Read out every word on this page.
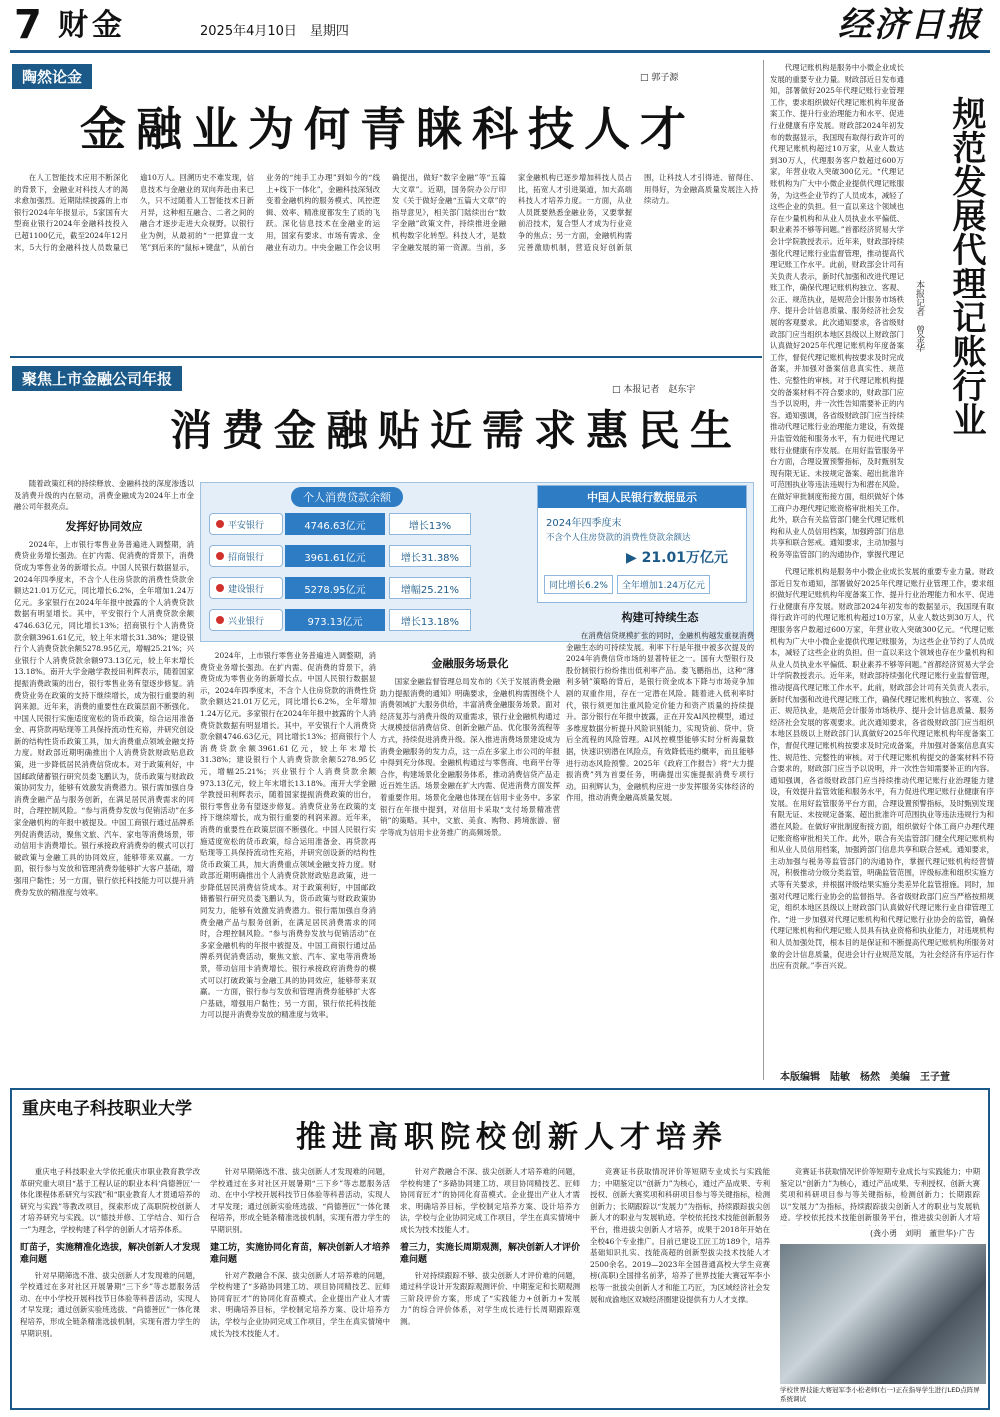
7 财金	2025年4月10日　星期四	经济日报
陶然论金	□ 郭子源
金融业为何青睐科技人才

在人工智能技术应用不断深化的背景下，金融业对科技人才的渴求愈加强烈。近期陆续披露的上市银行2024年年报显示，5家国有大型商业银行2024年金融科技投入已超1100亿元，截至2024年12月末，5大行的金融科技人员数量已逾10万人。回溯历史不难发现，信息技术与金融业的双向奔赴由来已久，只不过随着人工智能技术日新月异，这种相互融合、二者之间的融合才逐步走进大众视野。以银行业为例，从最初的“一把算盘一支笔”到后来的“鼠标+键盘”，从前台业务的“纯手工办理”到如今的“线上+线下一体化”，金融科技深刻改变着金融机构的服务模式、风控逻辑、效率、精准度都发生了质的飞跃。深化信息技术在金融业的运用，国家有要求、市场有需求、金融业有动力。中央金融工作会议明确提出，做好“数字金融”等“五篇大文章”。近期，国务院办公厅印发《关于做好金融“五篇大文章”的指导意见》，相关部门陆续出台“数字金融”政策文件，持续推进金融机构数字化转型。科技人才，是数字金融发展的第一资源。当前，多家金融机构已逐步增加科技人员占比，拓宽人才引进渠道，加大高端科技人才培养力度。一方面，从业人员既要熟悉金融业务，又要掌握前沿技术，复合型人才成为行业竞争的焦点；另一方面，金融机构需完善激励机制，营造良好创新氛围，让科技人才引得进、留得住、用得好，为金融高质量发展注入持续动力。

聚焦上市金融公司年报
□ 本报记者　赵东宇
消费金融贴近需求惠民生

随着政策红利的持续释放、金融科技的深度渗透以及消费升级的内在驱动，消费金融成为2024年上市金融公司年报亮点。

发挥好协同效应

2024年，上市银行零售业务普遍进入调整期，消费贷业务增长强劲。在扩内需、促消费的背景下，消费贷成为零售业务的新增长点。中国人民银行数据显示，2024年四季度末，不含个人住房贷款的消费性贷款余额达21.01万亿元，同比增长6.2%，全年增加1.24万亿元。多家银行在2024年年报中披露的个人消费贷款数据有明显增长。其中，平安银行个人消费贷款余额4746.63亿元，同比增长13%；招商银行个人消费贷款余额3961.61亿元，较上年末增长31.38%；建设银行个人消费贷款余额5278.95亿元，增幅25.21%；兴业银行个人消费贷款余额973.13亿元，较上年末增长13.18%。南开大学金融学教授田利辉表示，随着国家提振消费政策的出台，银行零售业务有望逐步修复。消费贷业务在政策的支持下继续增长，成为银行重要的利润来源。近年来，消费的重要性在政策层面不断强化。中国人民银行实施适度宽松的货币政策，综合运用准备金、再贷款再贴现等工具保持流动性充裕，并研究创设新的结构性货币政策工具，加大消费重点领域金融支持力度。财政部近期明确推出个人消费贷款财政贴息政策，进一步降低居民消费信贷成本。对于政策利好，中国邮政储蓄银行研究员娄飞鹏认为，货币政策与财政政策协同发力，能够有效激发消费潜力。银行需加强自身消费金融产品与服务创新，在满足居民消费需求的同时，合理控制风险。“参与消费券发放与促销活动”在多家金融机构的年报中被提及。中国工商银行通过品牌系列促消费活动，聚焦文旅、汽车、家电等消费场景，带动信用卡消费增长。银行承接政府消费券的模式可以打破政策与金融工具的协同效应，能够带来双赢。一方面，银行参与发放和管理消费券能够扩大客户基础，增强用户黏性；另一方面，银行依托科技能力可以提升消费券发放的精准度与效率。

个人消费贷款余额
平安银行	4746.63亿元	增长13%
招商银行	3961.61亿元	增长31.38%
建设银行	5278.95亿元	增幅25.21%
兴业银行	973.13亿元	增长13.18%
中国人民银行数据显示
2024年四季度末
不含个人住房贷款的消费性贷款余额达
▶ 21.01万亿元
同比增长6.2%	全年增加1.24万亿元

2024年，上市银行零售业务普遍进入调整期，消费贷业务增长强劲。在扩内需、促消费的背景下，消费贷成为零售业务的新增长点。中国人民银行数据显示，2024年四季度末，不含个人住房贷款的消费性贷款余额达21.01万亿元，同比增长6.2%，全年增加1.24万亿元。多家银行在2024年年报中披露的个人消费贷款数据有明显增长。其中，平安银行个人消费贷款余额4746.63亿元，同比增长13%；招商银行个人消费贷款余额3961.61亿元，较上年末增长31.38%；建设银行个人消费贷款余额5278.95亿元，增幅25.21%；兴业银行个人消费贷款余额973.13亿元，较上年末增长13.18%。南开大学金融学教授田利辉表示，随着国家提振消费政策的出台，银行零售业务有望逐步修复。消费贷业务在政策的支持下继续增长，成为银行重要的利润来源。近年来，消费的重要性在政策层面不断强化。中国人民银行实施适度宽松的货币政策，综合运用准备金、再贷款再贴现等工具保持流动性充裕，并研究创设新的结构性货币政策工具，加大消费重点领域金融支持力度。财政部近期明确推出个人消费贷款财政贴息政策，进一步降低居民消费信贷成本。对于政策利好，中国邮政储蓄银行研究员娄飞鹏认为，货币政策与财政政策协同发力，能够有效激发消费潜力。银行需加强自身消费金融产品与服务创新，在满足居民消费需求的同时，合理控制风险。“参与消费券发放与促销活动”在多家金融机构的年报中被提及。中国工商银行通过品牌系列促消费活动，聚焦文旅、汽车、家电等消费场景，带动信用卡消费增长。银行承接政府消费券的模式可以打破政策与金融工具的协同效应，能够带来双赢。一方面，银行参与发放和管理消费券能够扩大客户基础，增强用户黏性；另一方面，银行依托科技能力可以提升消费券发放的精准度与效率。

金融服务场景化

国家金融监督管理总局发布的《关于发展消费金融助力提振消费的通知》明确要求，金融机构需围绕个人消费领域扩大服务供给，丰富消费金融服务场景。面对经济复苏与消费升级的双重需求，银行业金融机构通过大规模授信消费信贷、创新金融产品、优化服务流程等方式，持续促进消费升级。深入推进消费场景建设成为消费金融服务的发力点，这一点在多家上市公司的年报中得到充分体现。金融机构通过与零售商、电商平台等合作，构建场景化金融服务体系，推动消费信贷产品走近百姓生活。场景金融在扩大内需、促进消费方面发挥着重要作用。场景化金融也体现在信用卡业务中。多家银行在年报中提到，对信用卡采取“支付场景精准营销”的策略。其中，文旅、美食、购物、跨境旅游、留学等成为信用卡业务推广的高频场景。

构建可持续生态

在消费信贷规模扩张的同时，金融机构越发重视消费金融生态的可持续发展。利率下行是年报中被多次提及的2024年消费信贷市场的显著特征之一。国有大型银行及股份制银行纷纷推出低利率产品。娄飞鹏指出，这种“薄利多销”策略的背后，是银行资金成本下降与市场竞争加剧的双重作用，存在一定潜在风险。随着进入低利率时代，银行须更加注重风险定价能力和资产质量的持续提升。部分银行在年报中披露，正在开发AI风控模型，通过多维度数据分析提升风险识别能力，实现贷前、贷中、贷后全流程的风险管理。AI风控模型能够实时分析海量数据，快速识别潜在风险点，有效降低违约概率，而且能够进行动态风险预警。2025年《政府工作报告》将“大力提振消费”列为首要任务，明确提出实施提振消费专项行动。田利辉认为，金融机构应进一步发挥服务实体经济的作用，推动消费金融高质量发展。

代理记账机构是服务中小微企业成长发展的重要专业力量。财政部近日发布通知，部署做好2025年代理记账行业管理工作，要求组织做好代理记账机构年度备案工作、提升行业治理能力和水平、促进行业健康有序发展。财政部2024年初发布的数据显示，我国现有取得行政许可的代理记账机构超过10万家，从业人数达到30万人，代理服务客户数超过600万家，年营业收入突破300亿元。“代理记账机构为广大中小微企业提供代理记账服务，为这些企业节约了人员成本，减轻了这些企业的负担。但一直以来这个领域也存在少量机构和从业人员执业水平偏低、职业素养不够等问题。”首都经济贸易大学会计学院教授表示。近年来，财政部持续强化代理记账行业监督管理，推动提高代理记账工作水平。此前，财政部会计司有关负责人表示，新时代加强和改进代理记账工作，确保代理记账机构独立、客观、公正、规范执业，是规范会计服务市场秩序、提升会计信息质量、服务经济社会发展的客观要求。此次通知要求，各省级财政部门应当组织本地区县级以上财政部门认真做好2025年代理记账机构年度备案工作，督促代理记账机构按要求及时完成备案，并加强对备案信息真实性、规范性、完整性的审核。对于代理记账机构提交的备案材料不符合要求的，财政部门应当予以说明，并一次性告知需要补正的内容。通知强调，各省级财政部门应当持续推动代理记账行业治理能力建设，有效提升监管效能和服务水平，有力促进代理记账行业健康有序发展。在用好监管服务平台方面，合理设置预警指标，及时甄别发现有限无证、未按规定备案、超出批准许可范围执业等违法违规行为和潜在风险。在做好审批制度衔接方面，组织做好个体工商户办理代理记账资格审批相关工作。此外，联合有关监管部门健全代理记账机构和从业人员信用档案，加强跨部门信息共享和联合惩戒。通知要求，主动加强与税务等监管部门的沟通协作，掌握代理记

规范发展代理记账行业
本报记者　曾金华

代理记账机构是服务中小微企业成长发展的重要专业力量。财政部近日发布通知，部署做好2025年代理记账行业管理工作，要求组织做好代理记账机构年度备案工作、提升行业治理能力和水平、促进行业健康有序发展。财政部2024年初发布的数据显示，我国现有取得行政许可的代理记账机构超过10万家，从业人数达到30万人，代理服务客户数超过600万家，年营业收入突破300亿元。“代理记账机构为广大中小微企业提供代理记账服务，为这些企业节约了人员成本，减轻了这些企业的负担。但一直以来这个领域也存在少量机构和从业人员执业水平偏低、职业素养不够等问题。”首都经济贸易大学会计学院教授表示。近年来，财政部持续强化代理记账行业监督管理，推动提高代理记账工作水平。此前，财政部会计司有关负责人表示，新时代加强和改进代理记账工作，确保代理记账机构独立、客观、公正、规范执业，是规范会计服务市场秩序、提升会计信息质量、服务经济社会发展的客观要求。此次通知要求，各省级财政部门应当组织本地区县级以上财政部门认真做好2025年代理记账机构年度备案工作，督促代理记账机构按要求及时完成备案，并加强对备案信息真实性、规范性、完整性的审核。对于代理记账机构提交的备案材料不符合要求的，财政部门应当予以说明，并一次性告知需要补正的内容。通知强调，各省级财政部门应当持续推动代理记账行业治理能力建设，有效提升监管效能和服务水平，有力促进代理记账行业健康有序发展。在用好监管服务平台方面，合理设置预警指标，及时甄别发现有限无证、未按规定备案、超出批准许可范围执业等违法违规行为和潜在风险。在做好审批制度衔接方面，组织做好个体工商户办理代理记账资格审批相关工作。此外，联合有关监管部门健全代理记账机构和从业人员信用档案，加强跨部门信息共享和联合惩戒。通知要求，主动加强与税务等监管部门的沟通协作，掌握代理记账机构经营情况，积极推动分级分类监管，明确监管范围，评级标准和组织实施方式等有关要求，并根据评级结果实施分类差异化监管措施。同时，加强对代理记账行业协会的监督指导。各省级财政部门应当严格按照规定，组织本地区县级以上财政部门认真做好代理记账行业自律管理工作。“进一步加强对代理记账机构和代理记账行业协会的监管，确保代理记账机构和代理记账人员具有执业资格和执业能力，对违规机构和人员加强处罚，根本目的是保证和不断提高代理记账机构所服务对象的会计信息质量，促进会计行业规范发展，为社会经济有序运行作出应有贡献。”李百兴说。

本版编辑　陆敏　杨然　美编　王子萱
重庆电子科技职业大学
推进高职院校创新人才培养

重庆电子科技职业大学依托重庆市职业教育教学改革研究重大项目“基于工程认证的职业本科‘尚德善匠’一体化课程体系研究与实践”和“职业教育人才贯通培养的研究与实践”等教改项目，探索形成了高职院校创新人才培养研究与实践。以“德技并修、工学结合、知行合一”为理念，学校构建了科学的创新人才培养体系。

盯苗子，实施精准化选拔，解决创新人才发现难问题

针对早期筛选不准、拔尖创新人才发现难的问题，学校通过在多对社区开展暑期“三下乡”等志愿服务活动、在中小学校开展科技节日体验等科普活动，实现人才早发现；通过创新实验班选拔、“尚德善匠”一体化课程培养，形成全链条精准选拔机制，实现有潜力学生的早期识别。

针对早期筛选不准、拔尖创新人才发现难的问题，学校通过在多对社区开展暑期“三下乡”等志愿服务活动、在中小学校开展科技节日体验等科普活动，实现人才早发现；通过创新实验班选拔、“尚德善匠”一体化课程培养，形成全链条精准选拔机制，实现有潜力学生的早期识别。

建工坊，实施协同化育苗，解决创新人才培养难问题

针对产教融合不深、拔尖创新人才培养难的问题，学校构建了“多路协同建工坊、项目协同精技艺、匠师协同育匠才”的协同化育苗模式。企业提出产业人才需求、明确培养目标，学校制定培养方案、设计培养方法，学校与企业协同完成工作项目，学生在真实情境中成长为技术技能人才。

针对产教融合不深、拔尖创新人才培养难的问题，学校构建了“多路协同建工坊、项目协同精技艺、匠师协同育匠才”的协同化育苗模式。企业提出产业人才需求、明确培养目标，学校制定培养方案、设计培养方法，学校与企业协同完成工作项目，学生在真实情境中成长为技术技能人才。

着三力，实施长周期观测，解决创新人才评价难问题

针对持续跟踪不够、拔尖创新人才评价难的问题，通过科学设计开发跟踪观测评价、中期鉴定和长期观测三阶段评价方案，形成了“实践能力+创新力+发展力”的综合评价体系，对学生成长进行长周期跟踪观测。

竞赛证书获取情况评价等短期专业成长与实践能力；中期鉴定以“创新力”为核心，通过产品成果、专利授权、创新大赛奖项和科研项目参与等关键指标，检测创新力；长期跟踪以“发展力”为指标，持续跟踪拔尖创新人才的职业与发展轨迹。学校依托技术技能创新服务平台，推进拔尖创新人才培养，成果于2018年开始在全校46个专业推广。目前已建设工匠工坊189个，培养基础知识扎实、技能高超的创新型拔尖技术技能人才2500余名。2019—2023年全国普通高校大学生竞赛榜(高职)全国排名前茅，培养了世界技能大赛冠军李小松等一批拔尖创新人才和能工巧匠，为区域经济社会发展和成渝地区双城经济圈建设提供有力人才支撑。

竞赛证书获取情况评价等短期专业成长与实践能力；中期鉴定以“创新力”为核心，通过产品成果、专利授权、创新大赛奖项和科研项目参与等关键指标，检测创新力；长期跟踪以“发展力”为指标，持续跟踪拔尖创新人才的职业与发展轨迹。学校依托技术技能创新服务平台，推进拔尖创新人才培

(龚小勇　刘明　董世华)·广告
学校世界技能大赛冠军李小松老师(右一)正在指导学生进行LED点阵屏系统调试
